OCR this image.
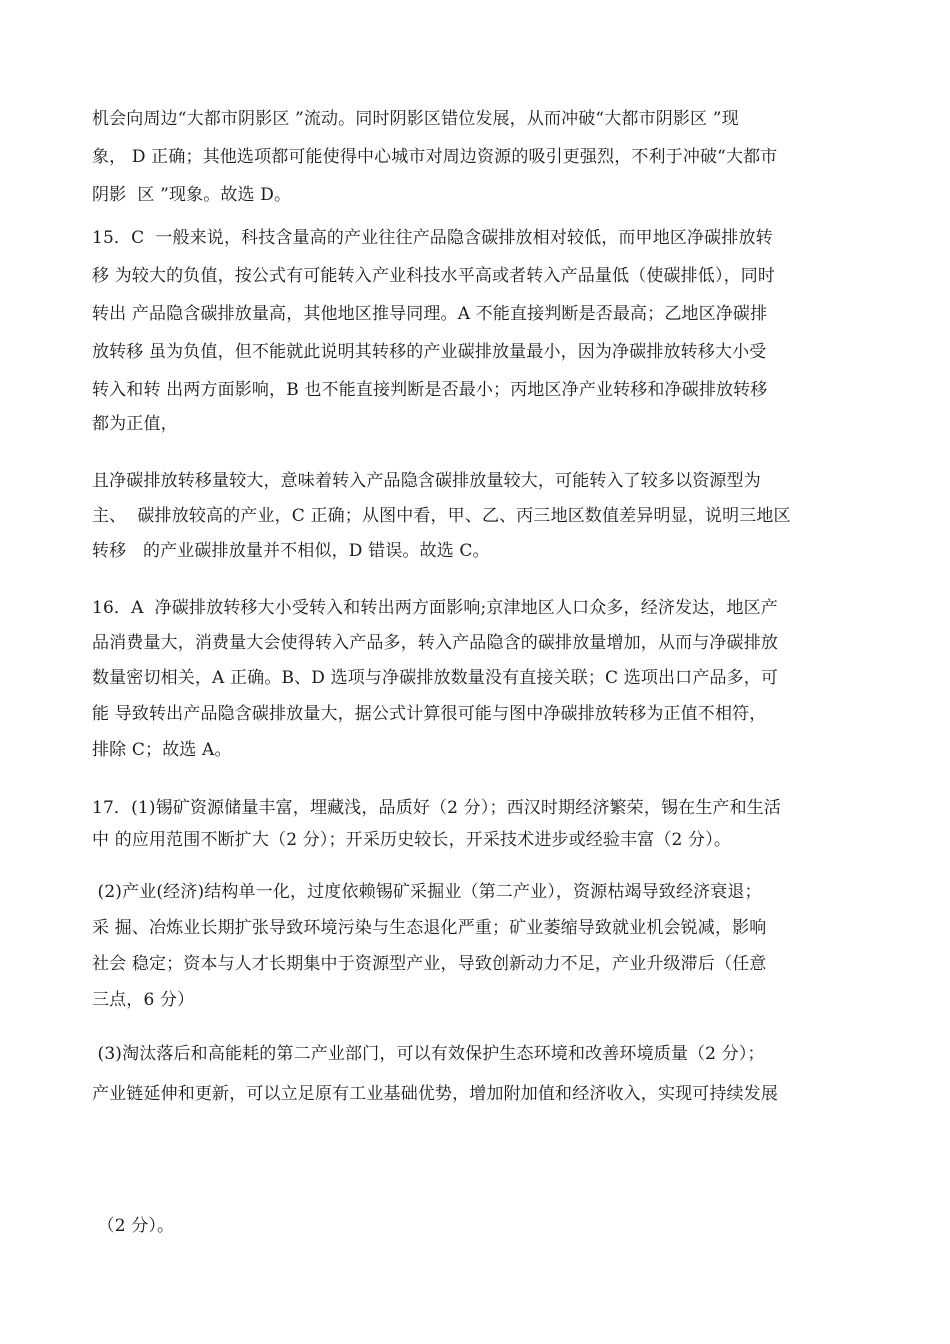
机会向周边“大都市阴影区 ”流动。同时阴影区错位发展，从而冲破“大都市阴影区 ”现
象， D 正确；其他选项都可能使得中心城市对周边资源的吸引更强烈，不利于冲破“大都市
阴影  区 ”现象。故选 D。
15．C  一般来说，科技含量高的产业往往产品隐含碳排放相对较低，而甲地区净碳排放转
移 为较大的负值，按公式有可能转入产业科技水平高或者转入产品量低（使碳排低），同时
转出 产品隐含碳排放量高，其他地区推导同理。A 不能直接判断是否最高；乙地区净碳排
放转移 虽为负值，但不能就此说明其转移的产业碳排放量最小，因为净碳排放转移大小受
转入和转 出两方面影响，B 也不能直接判断是否最小；丙地区净产业转移和净碳排放转移
都为正值，
且净碳排放转移量较大，意味着转入产品隐含碳排放量较大，可能转入了较多以资源型为
主、  碳排放较高的产业，C 正确；从图中看，甲、乙、丙三地区数值差异明显，说明三地区
转移   的产业碳排放量并不相似，D 错误。故选 C。
16．A  净碳排放转移大小受转入和转出两方面影响;京津地区人口众多，经济发达，地区产
品消费量大，消费量大会使得转入产品多，转入产品隐含的碳排放量增加，从而与净碳排放
数量密切相关，A 正确。B、D 选项与净碳排放数量没有直接关联；C 选项出口产品多，可
能 导致转出产品隐含碳排放量大，据公式计算很可能与图中净碳排放转移为正值不相符，
排除 C；故选 A。
17．(1)锡矿资源储量丰富，埋藏浅，品质好（2 分）；西汉时期经济繁荣，锡在生产和生活
中 的应用范围不断扩大（2 分）；开采历史较长，开采技术进步或经验丰富（2 分）。
(2)产业(经济)结构单一化，过度依赖锡矿采掘业（第二产业），资源枯竭导致经济衰退；
采 掘、冶炼业长期扩张导致环境污染与生态退化严重；矿业萎缩导致就业机会锐减，影响
社会 稳定；资本与人才长期集中于资源型产业，导致创新动力不足，产业升级滞后（任意
三点，6 分）
(3)淘汰落后和高能耗的第二产业部门，可以有效保护生态环境和改善环境质量（2 分）；
产业链延伸和更新，可以立足原有工业基础优势，增加附加值和经济收入，实现可持续发展
（2 分）。
